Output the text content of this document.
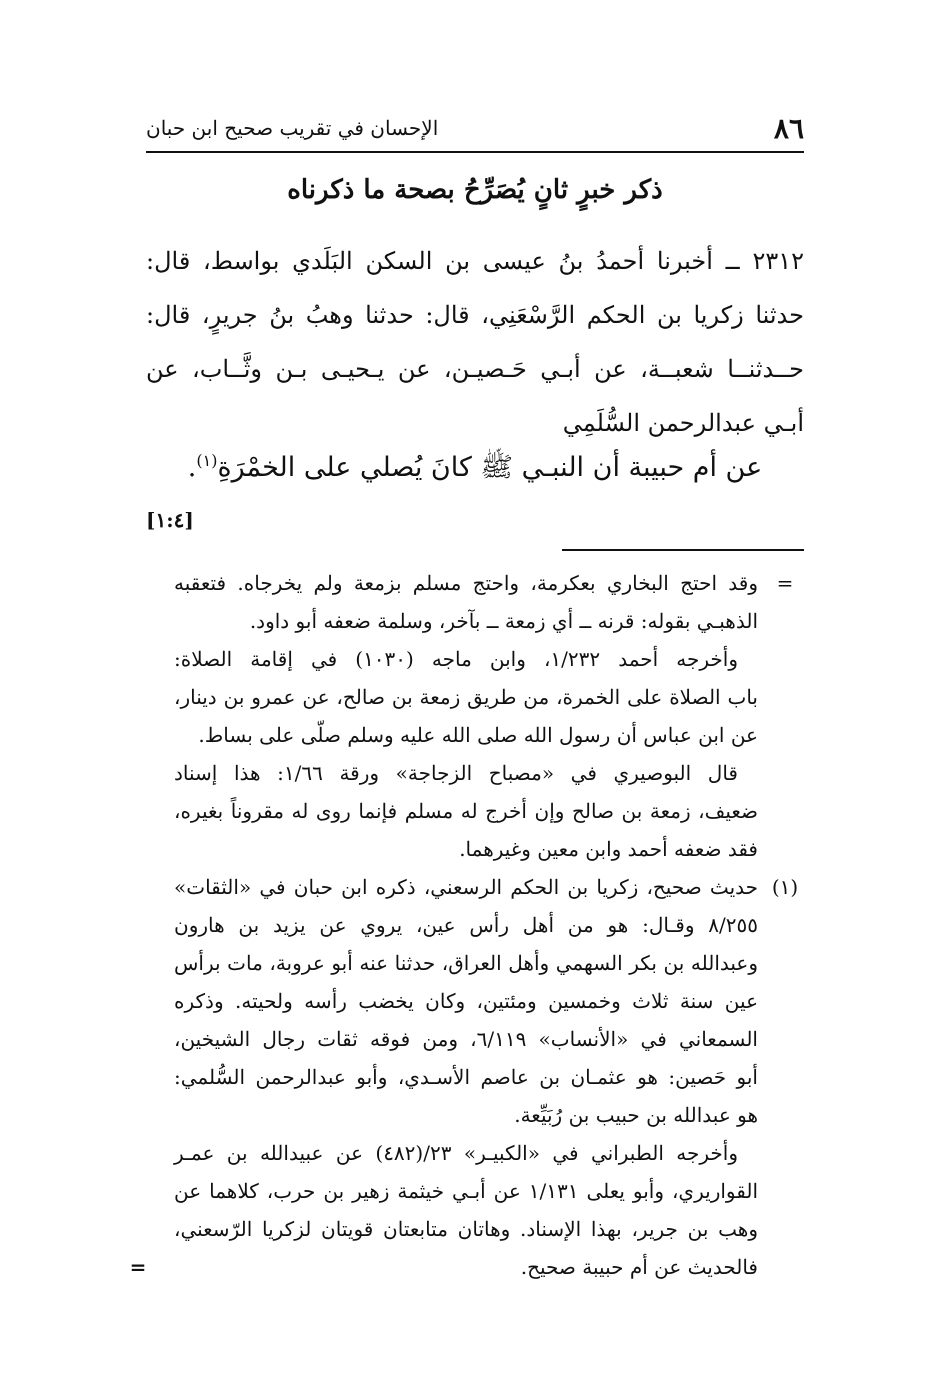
٨٦
الإحسان في تقريب صحيح ابن حبان
ذكر خبرٍ ثانٍ يُصَرِّحُ بصحة ما ذكرناه
٢٣١٢ ــ أخبرنا أحمدُ بنُ عيسى بن السكن البَلَدي بواسط، قال:
حدثنا زكريا بن الحكم الرَّسْعَنِي، قال: حدثنا وهبُ بنُ جريرٍ، قال:
حــدثنــا شعبــة، عن أبـي حَـصيـن، عن يـحيـى بـن وثَّــاب، عن
أبـي عبدالرحمن السُّلَمِي
عن أم حبيبة أن النبـي ﷺ كانَ يُصلي على الخمْرَةِ$^{(١)}$.
[١:٤]
=
وقد احتج البخاري بعكرمة، واحتج مسلم بزمعة ولم يخرجاه. فتعقبه
الذهبـي بقوله: قرنه ــ أي زمعة ــ بآخر، وسلمة ضعفه أبو داود.
وأخرجه أحمد ١/٢٣٢، وابن ماجه (١٠٣٠) في إقامة الصلاة:
باب الصلاة على الخمرة، من طريق زمعة بن صالح، عن عمرو بن دينار،
عن ابن عباس أن رسول الله صلى الله عليه وسلم صلّى على بساط.
قال البوصيري في «مصباح الزجاجة» ورقة ١/٦٦: هذا إسناد
ضعيف، زمعة بن صالح وإن أخرج له مسلم فإنما روى له مقروناً بغيره،
فقد ضعفه أحمد وابن معين وغيرهما.
(١)
حديث صحيح، زكريا بن الحكم الرسعني، ذكره ابن حبان في «الثقات»
٨/٢٥٥ وقـال: هو من أهل رأس عين، يروي عن يزيد بن هارون
وعبدالله بن بكر السهمي وأهل العراق، حدثنا عنه أبو عروبة، مات برأس
عين سنة ثلاث وخمسين ومئتين، وكان يخضب رأسه ولحيته. وذكره
السمعاني في «الأنساب» ٦/١١٩، ومن فوقه ثقات رجال الشيخين،
أبو حَصين: هو عثمـان بن عاصم الأسـدي، وأبو عبدالرحمن السُّلمي:
هو عبدالله بن حبيب بن رُبَيِّعة.
وأخرجه الطبراني في «الكبيـر» ٢٣/(٤٨٢) عن عبيدالله بن عمـر
القواريري، وأبو يعلى ١/١٣١ عن أبـي خيثمة زهير بن حرب، كلاهما عن
وهب بن جرير، بهذا الإسناد. وهاتان متابعتان قويتان لزكريا الرّسعني،
فالحديث عن أم حبيبة صحيح.
=
